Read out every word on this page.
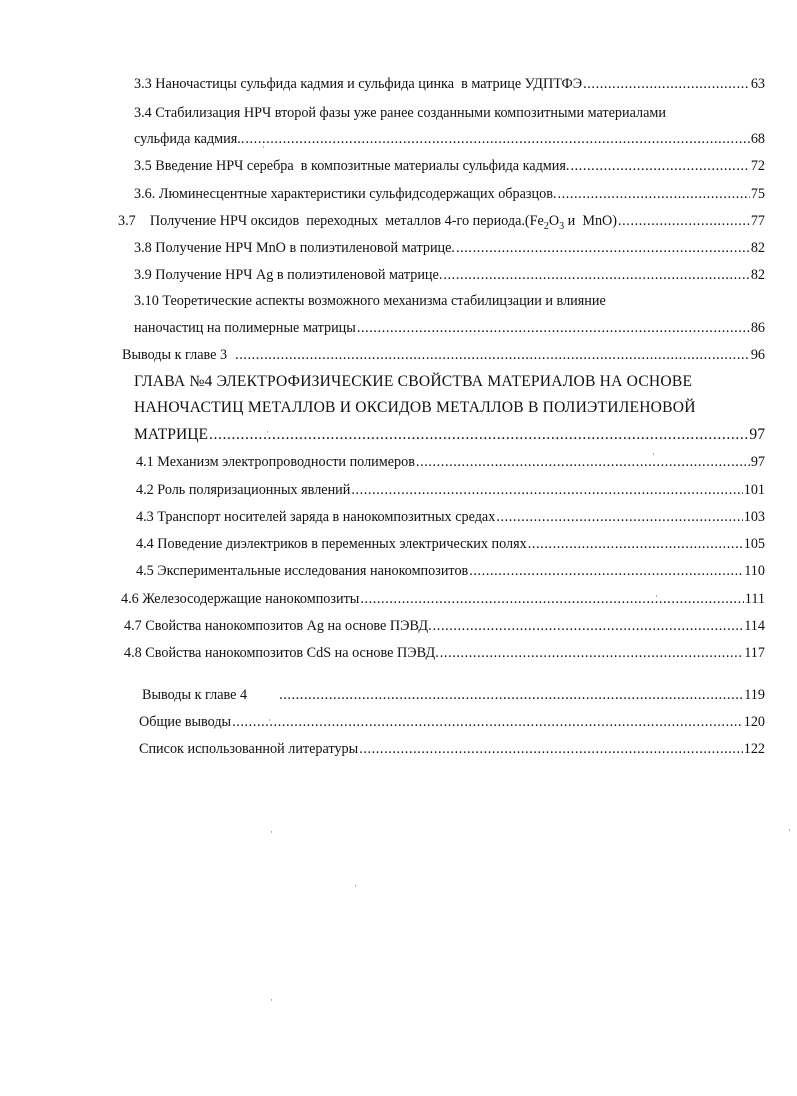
3.3 Наночастицы сульфида кадмия и сульфида цинка  в матрице УДПТФЭ .....	63
3.4 Стабилизация НРЧ второй фазы уже ранее созданными композитными материалами
сульфида кадмия.. .....	68
3.5 Введение НРЧ серебра  в композитные материалы сульфида кадмия. .....	72
3.6. Люминесцентные характеристики сульфидсодержащих образцов. .....	75
3.7    Получение НРЧ оксидов  переходных  металлов 4-го $периода.(Fe_2O_3$ и  MnO) .....	77
3.8 Получение НРЧ MnO в полиэтиленовой матрице. .....	82
3.9 Получение НРЧ Ag в полиэтиленовой матрице. .....	82
3.10 Теоретические аспекты возможного механизма стабилицзации и влияние
наночастиц на полимерные матрицы .....	86
Выводы к главе 3 .....	96
ГЛАВА №4 ЭЛЕКТРОФИЗИЧЕСКИЕ СВОЙСТВА МАТЕРИАЛОВ НА ОСНОВЕ
НАНОЧАСТИЦ МЕТАЛЛОВ И ОКСИДОВ МЕТАЛЛОВ В ПОЛИЭТИЛЕНОВОЙ
МАТРИЦЕ .....	97
4.1 Механизм электропроводности полимеров .....	97
4.2 Роль поляризационных явлений .....	101
4.3 Транспорт носителей заряда в нанокомпозитных средах .....	103
4.4 Поведение диэлектриков в переменных электрических полях .....	105
4.5 Экспериментальные исследования нанокомпозитов .....	110
4.6 Железосодержащие нанокомпозиты .....	111
4.7 Свойства нанокомпозитов Ag на основе ПЭВД. .....	114
4.8 Свойства нанокомпозитов CdS на основе ПЭВД. .....	117
Выводы к главе 4 .....	119
Общие выводы .....	120
Список использованной литературы .....	122
·
·
·
·
·
·	·
·
·
